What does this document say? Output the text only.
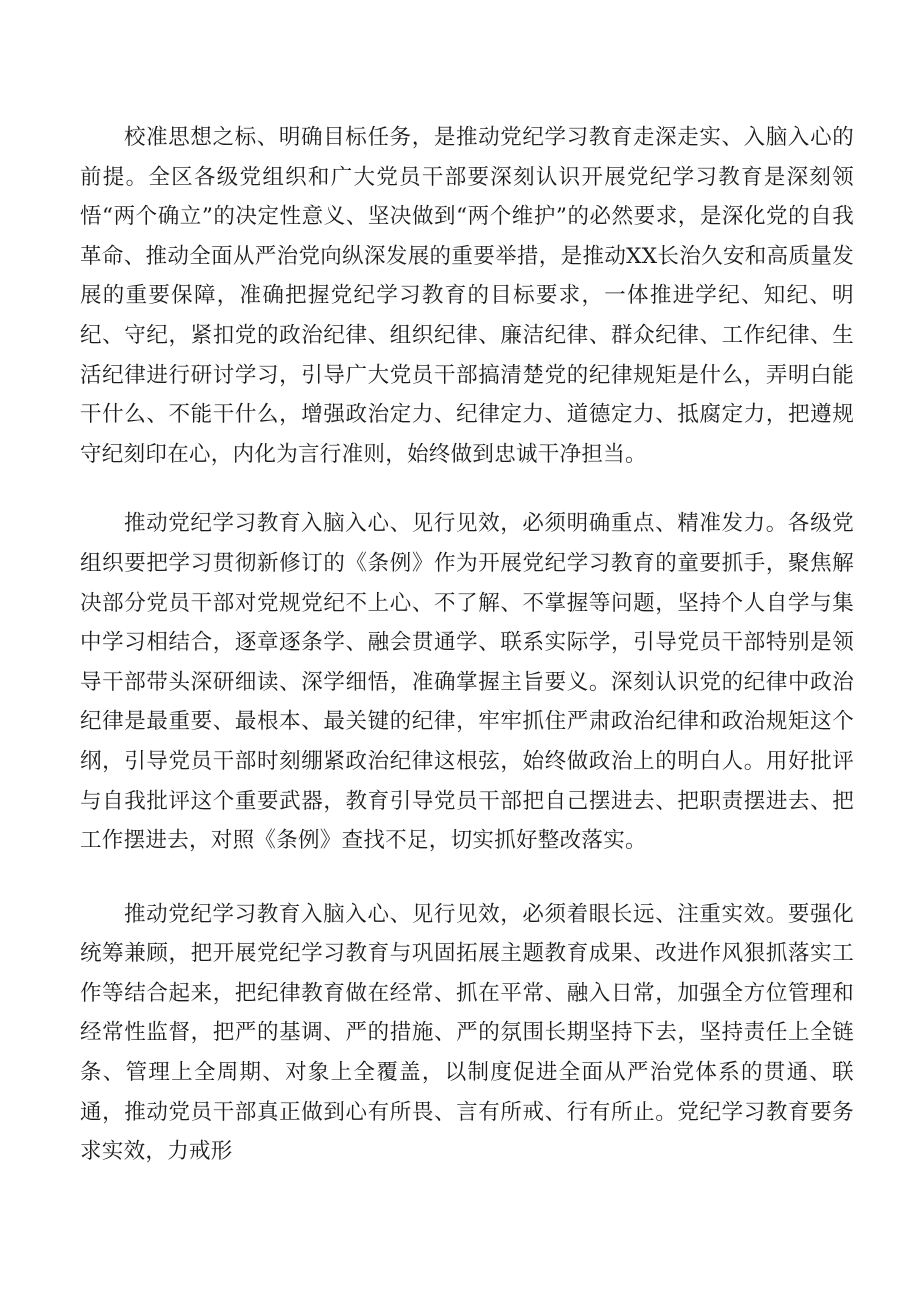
校准思想之标、明确目标任务，是推动党纪学习教育走深走实、入脑入心的前提。全区各级党组织和广大党员干部要深刻认识开展党纪学习教育是深刻领悟“两个确立”的决定性意义、坚决做到“两个维护”的必然要求，是深化党的自我革命、推动全面从严治党向纵深发展的重要举措，是推动XX长治久安和高质量发展的重要保障，准确把握党纪学习教育的目标要求，一体推进学纪、知纪、明纪、守纪，紧扣党的政治纪律、组织纪律、廉洁纪律、群众纪律、工作纪律、生活纪律进行研讨学习，引导广大党员干部搞清楚党的纪律规矩是什么，弄明白能干什么、不能干什么，增强政治定力、纪律定力、道德定力、抵腐定力，把遵规守纪刻印在心，内化为言行准则，始终做到忠诚干净担当。

推动党纪学习教育入脑入心、见行见效，必须明确重点、精准发力。各级党组织要把学习贯彻新修订的《条例》作为开展党纪学习教育的童要抓手，聚焦解决部分党员干部对党规党纪不上心、不了解、不掌握等问题，坚持个人自学与集中学习相结合，逐章逐条学、融会贯通学、联系实际学，引导党员干部特别是领导干部带头深研细读、深学细悟，准确掌握主旨要义。深刻认识党的纪律中政治纪律是最重要、最根本、最关键的纪律，牢牢抓住严肃政治纪律和政治规矩这个纲，引导党员干部时刻绷紧政治纪律这根弦，始终做政治上的明白人。用好批评与自我批评这个重要武器，教育引导党员干部把自己摆进去、把职责摆进去、把工作摆进去，对照《条例》查找不足，切实抓好整改落实。

推动党纪学习教育入脑入心、见行见效，必须着眼长远、注重实效。要强化统筹兼顾，把开展党纪学习教育与巩固拓展主题教育成果、改进作风狠抓落实工作等结合起来，把纪律教育做在经常、抓在平常、融入日常，加强全方位管理和经常性监督，把严的基调、严的措施、严的氛围长期坚持下去，坚持责任上全链条、管理上全周期、对象上全覆盖，以制度促进全面从严治党体系的贯通、联通，推动党员干部真正做到心有所畏、言有所戒、行有所止。党纪学习教育要务求实效，力戒形
